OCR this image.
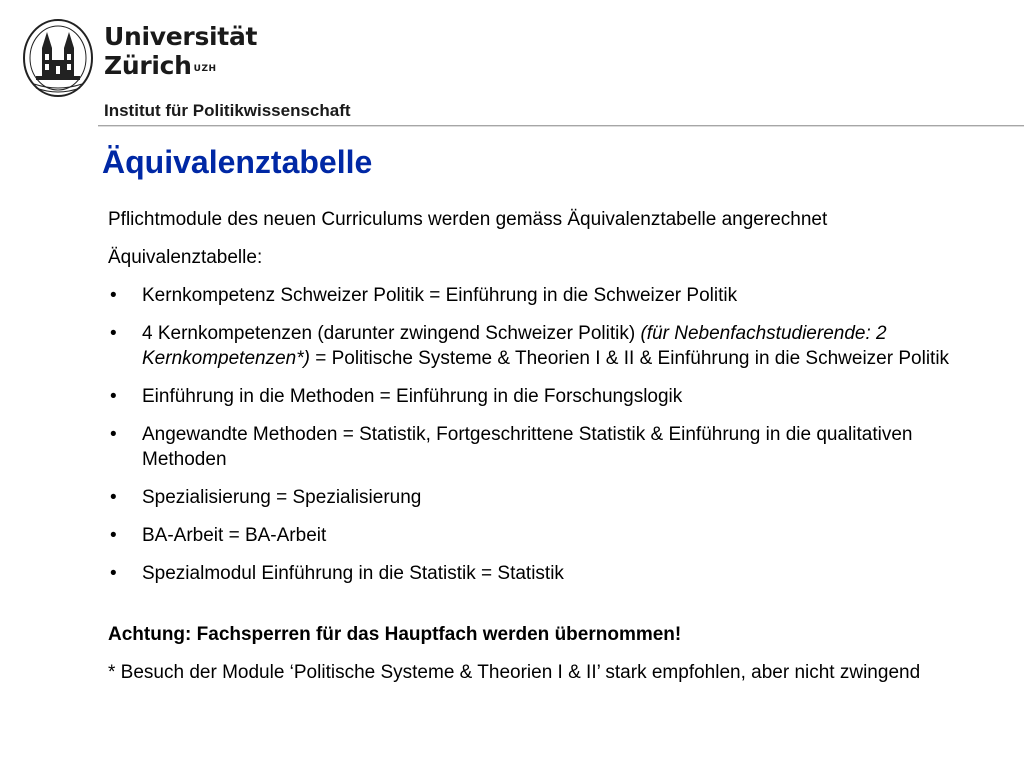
Universität
Zürich $^{UZH}$
Institut für Politikwissenschaft
Äquivalenztabelle

Pflichtmodule des neuen Curriculums werden gemäss Äquivalenztabelle angerechnet

Äquivalenztabelle:

• Kernkompetenz Schweizer Politik = Einführung in die Schweizer Politik
• 4 Kernkompetenzen (darunter zwingend Schweizer Politik) (für Nebenfachstudierende: 2 Kernkompetenzen*) = Politische Systeme & Theorien I & II & Einführung in die Schweizer Politik
• Einführung in die Methoden = Einführung in die Forschungslogik
• Angewandte Methoden = Statistik, Fortgeschrittene Statistik & Einführung in die qualitativen Methoden
• Spezialisierung = Spezialisierung
• BA-Arbeit = BA-Arbeit
• Spezialmodul Einführung in die Statistik = Statistik

Achtung: Fachsperren für das Hauptfach werden übernommen!

* Besuch der Module ‘Politische Systeme & Theorien I & II’ stark empfohlen, aber nicht zwingend
